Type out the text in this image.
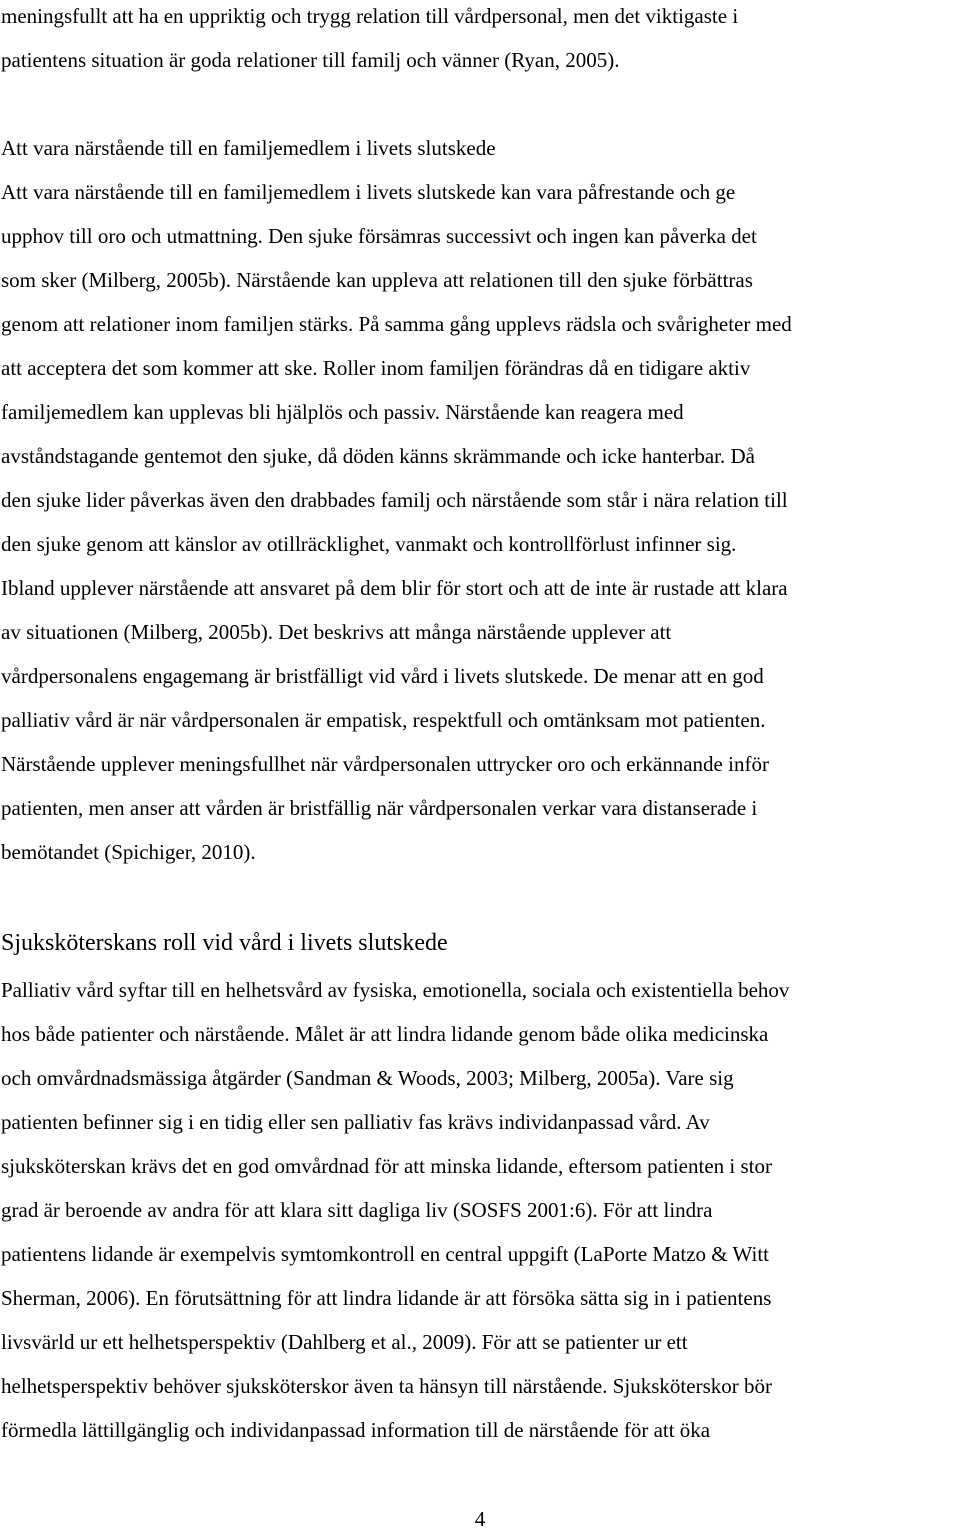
meningsfullt att ha en uppriktig och trygg relation till vårdpersonal, men det viktigaste i
patientens situation är goda relationer till familj och vänner (Ryan, 2005).
Att vara närstående till en familjemedlem i livets slutskede
Att vara närstående till en familjemedlem i livets slutskede kan vara påfrestande och ge
upphov till oro och utmattning. Den sjuke försämras successivt och ingen kan påverka det
som sker (Milberg, 2005b). Närstående kan uppleva att relationen till den sjuke förbättras
genom att relationer inom familjen stärks. På samma gång upplevs rädsla och svårigheter med
att acceptera det som kommer att ske. Roller inom familjen förändras då en tidigare aktiv
familjemedlem kan upplevas bli hjälplös och passiv. Närstående kan reagera med
avståndstagande gentemot den sjuke, då döden känns skrämmande och icke hanterbar. Då
den sjuke lider påverkas även den drabbades familj och närstående som står i nära relation till
den sjuke genom att känslor av otillräcklighet, vanmakt och kontrollförlust infinner sig.
Ibland upplever närstående att ansvaret på dem blir för stort och att de inte är rustade att klara
av situationen (Milberg, 2005b). Det beskrivs att många närstående upplever att
vårdpersonalens engagemang är bristfälligt vid vård i livets slutskede. De menar att en god
palliativ vård är när vårdpersonalen är empatisk, respektfull och omtänksam mot patienten.
Närstående upplever meningsfullhet när vårdpersonalen uttrycker oro och erkännande inför
patienten, men anser att vården är bristfällig när vårdpersonalen verkar vara distanserade i
bemötandet (Spichiger, 2010).
Sjuksköterskans roll vid vård i livets slutskede
Palliativ vård syftar till en helhetsvård av fysiska, emotionella, sociala och existentiella behov
hos både patienter och närstående. Målet är att lindra lidande genom både olika medicinska
och omvårdnadsmässiga åtgärder (Sandman & Woods, 2003; Milberg, 2005a). Vare sig
patienten befinner sig i en tidig eller sen palliativ fas krävs individanpassad vård. Av
sjuksköterskan krävs det en god omvårdnad för att minska lidande, eftersom patienten i stor
grad är beroende av andra för att klara sitt dagliga liv (SOSFS 2001:6). För att lindra
patientens lidande är exempelvis symtomkontroll en central uppgift (LaPorte Matzo & Witt
Sherman, 2006). En förutsättning för att lindra lidande är att försöka sätta sig in i patientens
livsvärld ur ett helhetsperspektiv (Dahlberg et al., 2009). För att se patienter ur ett
helhetsperspektiv behöver sjuksköterskor även ta hänsyn till närstående. Sjuksköterskor bör
förmedla lättillgänglig och individanpassad information till de närstående för att öka
4
